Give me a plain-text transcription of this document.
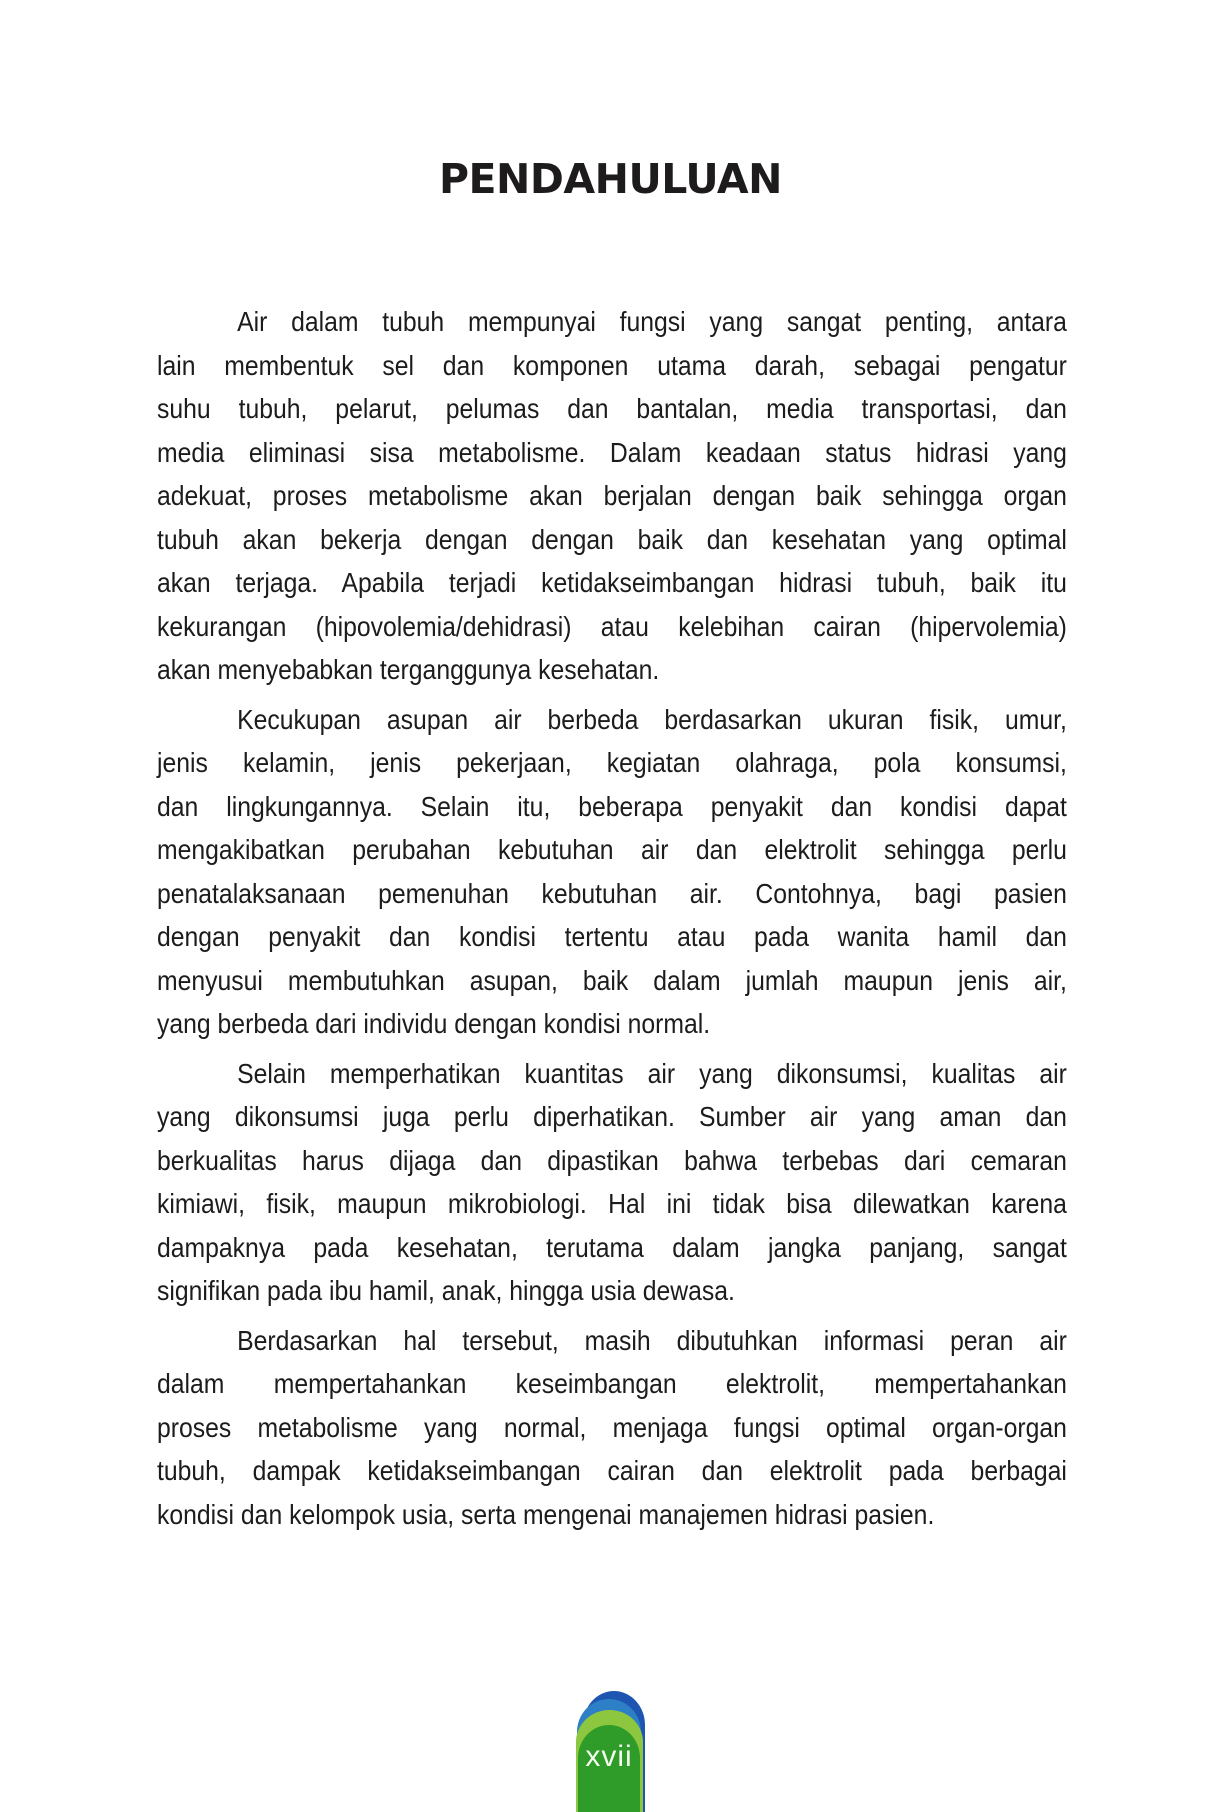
PENDAHULUAN
Air dalam tubuh mempunyai fungsi yang sangat penting, antara
lain membentuk sel dan komponen utama darah, sebagai pengatur
suhu tubuh, pelarut, pelumas dan bantalan, media transportasi, dan
media eliminasi sisa metabolisme. Dalam keadaan status hidrasi yang
adekuat, proses metabolisme akan berjalan dengan baik sehingga organ
tubuh akan bekerja dengan dengan baik dan kesehatan yang optimal
akan terjaga. Apabila terjadi ketidakseimbangan hidrasi tubuh, baik itu
kekurangan (hipovolemia/dehidrasi) atau kelebihan cairan (hipervolemia)
akan menyebabkan terganggunya kesehatan.
Kecukupan asupan air berbeda berdasarkan ukuran fisik, umur,
jenis kelamin, jenis pekerjaan, kegiatan olahraga, pola konsumsi,
dan lingkungannya. Selain itu, beberapa penyakit dan kondisi dapat
mengakibatkan perubahan kebutuhan air dan elektrolit sehingga perlu
penatalaksanaan pemenuhan kebutuhan air. Contohnya, bagi pasien
dengan penyakit dan kondisi tertentu atau pada wanita hamil dan
menyusui membutuhkan asupan, baik dalam jumlah maupun jenis air,
yang berbeda dari individu dengan kondisi normal.
Selain memperhatikan kuantitas air yang dikonsumsi, kualitas air
yang dikonsumsi juga perlu diperhatikan. Sumber air yang aman dan
berkualitas harus dijaga dan dipastikan bahwa terbebas dari cemaran
kimiawi, fisik, maupun mikrobiologi. Hal ini tidak bisa dilewatkan karena
dampaknya pada kesehatan, terutama dalam jangka panjang, sangat
signifikan pada ibu hamil, anak, hingga usia dewasa.
Berdasarkan hal tersebut, masih dibutuhkan informasi peran air
dalam mempertahankan keseimbangan elektrolit, mempertahankan
proses metabolisme yang normal, menjaga fungsi optimal organ-organ
tubuh, dampak ketidakseimbangan cairan dan elektrolit pada berbagai
kondisi dan kelompok usia, serta mengenai manajemen hidrasi pasien.
xvii
